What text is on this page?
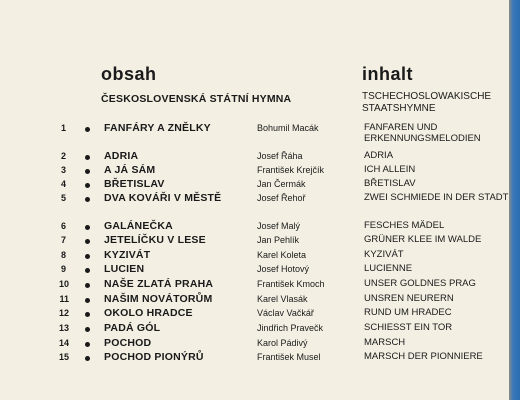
obsah	inhalt
ČESKOSLOVENSKÁ STÁTNÍ HYMNA	TSCHECHOSLOWAKISCHE STAATSHYMNE
1	FANFÁRY A ZNĚLKY	Bohumil Macák	FANFAREN UND ERKENNUNGSMELODIEN
2	ADRIA	Josef Řáha	ADRIA
3	A JÁ SÁM	František Krejčík	ICH ALLEIN
4	BŘETISLAV	Jan Čermák	BŘETISLAV
5	DVA KOVÁŘI V MĚSTĚ	Josef Řehoř	ZWEI SCHMIEDE IN DER STADT
6	GALÁNEČKA	Josef Malý	FESCHES MÄDEL
7	JETELÍČKU V LESE	Jan Pehlík	GRÜNER KLEE IM WALDE
8	KYZIVÁT	Karel Koleta	KYZIVÁT
9	LUCIEN	Josef Hotový	LUCIENNE
10	NAŠE ZLATÁ PRAHA	František Kmoch	UNSER GOLDNES PRAG
11	NAŠIM NOVÁTORŮM	Karel Vlasák	UNSREN NEURERN
12	OKOLO HRADCE	Václav Vačkář	RUND UM HRADEC
13	PADÁ GÓL	Jindřich Pravečk	SCHIESST EIN TOR
14	POCHOD	Karol Pádivý	MARSCH
15	POCHOD PIONÝRŮ	František Musel	MARSCH DER PIONNIERE
